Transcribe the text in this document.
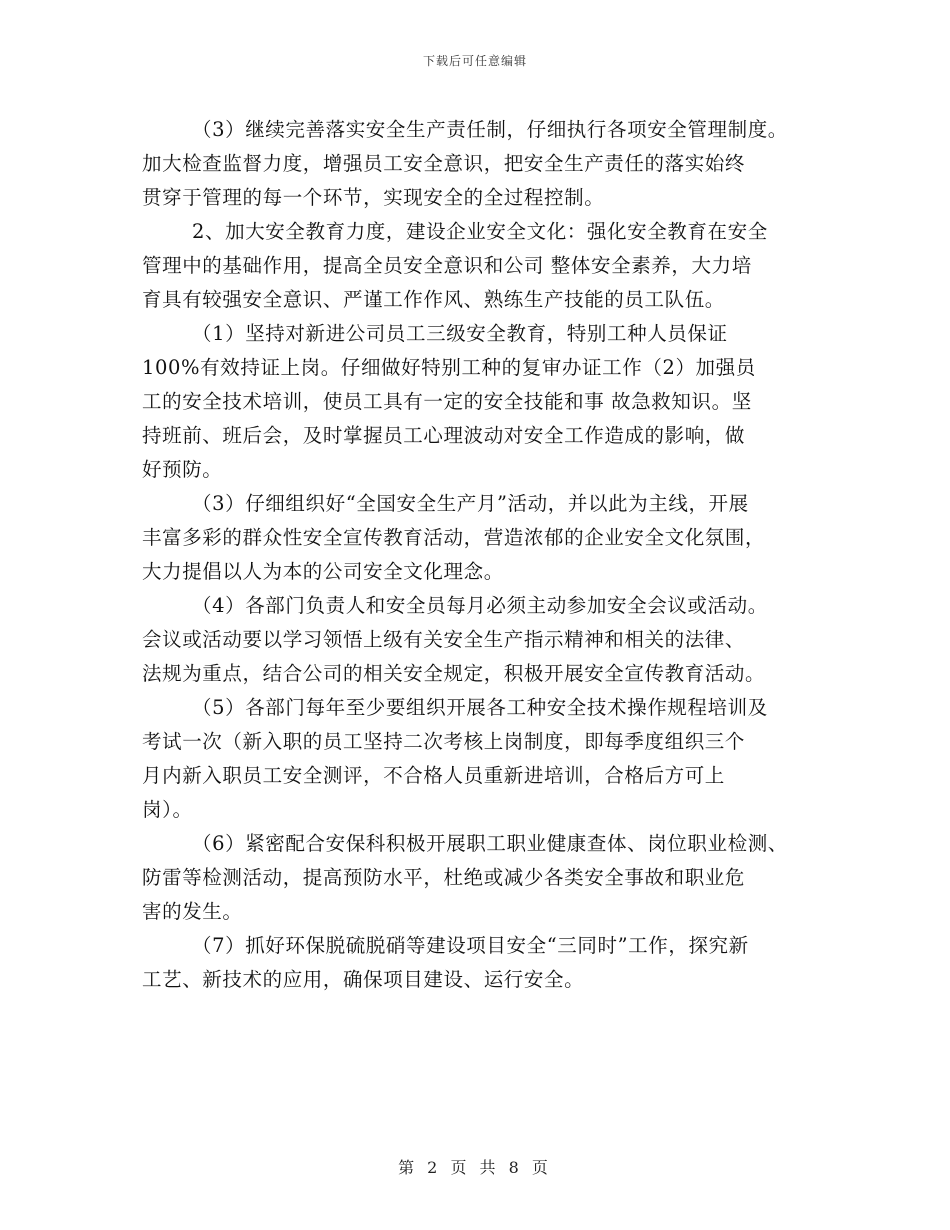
下载后可任意编辑
（3）继续完善落实安全生产责任制，仔细执行各项安全管理制度。
加大检查监督力度，增强员工安全意识，把安全生产责任的落实始终
贯穿于管理的每一个环节，实现安全的全过程控制。
2、加大安全教育力度，建设企业安全文化：强化安全教育在安全
管理中的基础作用，提高全员安全意识和公司 整体安全素养，大力培
育具有较强安全意识、严谨工作作风、熟练生产技能的员工队伍。
（1）坚持对新进公司员工三级安全教育，特别工种人员保证
100%有效持证上岗。仔细做好特别工种的复审办证工作（2）加强员
工的安全技术培训，使员工具有一定的安全技能和事 故急救知识。坚
持班前、班后会，及时掌握员工心理波动对安全工作造成的影响，做
好预防。
（3）仔细组织好“全国安全生产月”活动，并以此为主线，开展
丰富多彩的群众性安全宣传教育活动，营造浓郁的企业安全文化氛围，
大力提倡以人为本的公司安全文化理念。
（4）各部门负责人和安全员每月必须主动参加安全会议或活动。
会议或活动要以学习领悟上级有关安全生产指示精神和相关的法律、
法规为重点，结合公司的相关安全规定，积极开展安全宣传教育活动。
（5）各部门每年至少要组织开展各工种安全技术操作规程培训及
考试一次（新入职的员工坚持二次考核上岗制度，即每季度组织三个
月内新入职员工安全测评，不合格人员重新进培训，合格后方可上
岗）。
（6）紧密配合安保科积极开展职工职业健康查体、岗位职业检测、
防雷等检测活动，提高预防水平，杜绝或减少各类安全事故和职业危
害的发生。
（7）抓好环保脱硫脱硝等建设项目安全“三同时”工作，探究新
工艺、新技术的应用，确保项目建设、运行安全。
第 2 页 共 8 页
